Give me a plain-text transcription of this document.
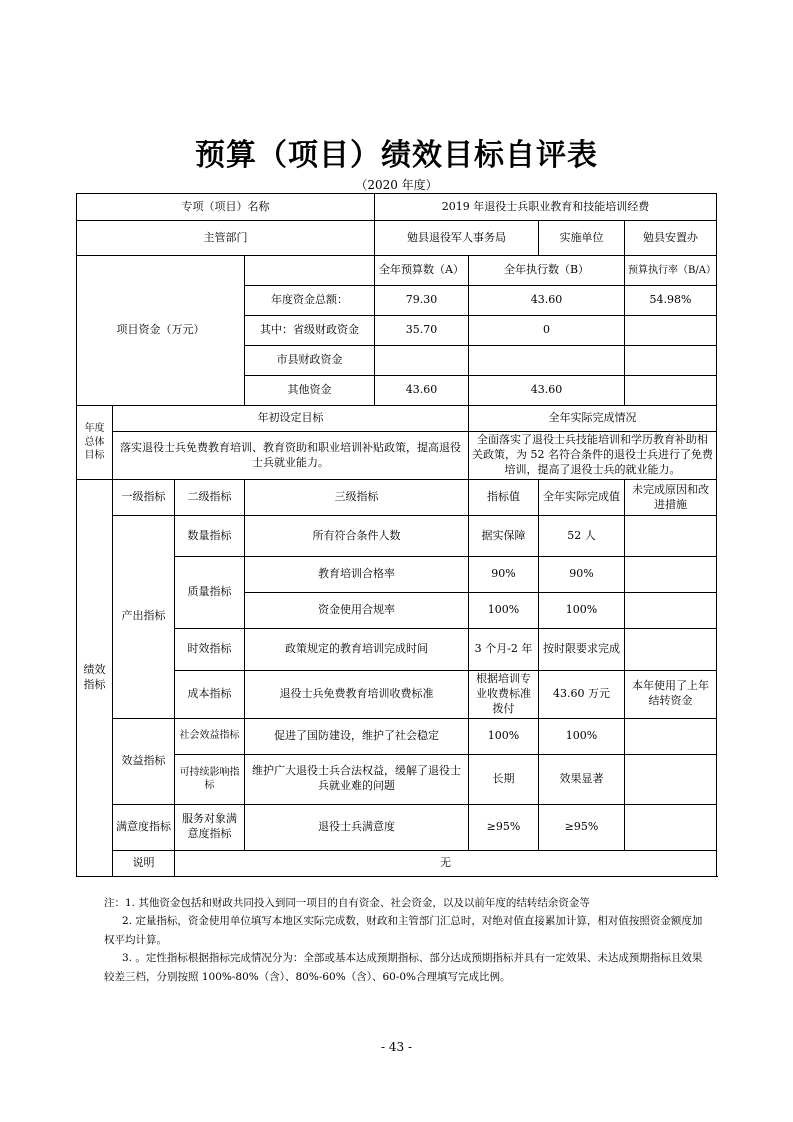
预算（项目）绩效目标自评表
（2020 年度）
专项（项目）名称				2019 年退役士兵职业教育和技能培训经费			
主管部门				勉县退役军人事务局		实施单位	勉县安置办
项目资金（万元）				全年预算数（A）	全年执行数（B）		预算执行率（B/A）
			年度资金总额：	79.30	43.60		54.98%
			其中：省级财政资金	35.70	0		
			市县财政资金				
			其他资金	43.60	43.60		
年度总体目标	年初设定目标				全年实际完成情况		
	落实退役士兵免费教育培训、教育资助和职业培训补贴政策，提高退役士兵就业能力。				全面落实了退役士兵技能培训和学历教育补助相关政策，为 52 名符合条件的退役士兵进行了免费培训，提高了退役士兵的就业能力。		
绩效指标	一级指标	二级指标	三级指标		指标值	全年实际完成值	未完成原因和改进措施
	产出指标	数量指标	所有符合条件人数		据实保障	52 人	
		质量指标	教育培训合格率		90%	90%	
			资金使用合规率		100%	100%	
		时效指标	政策规定的教育培训完成时间		3 个月-2 年	按时限要求完成	
		成本指标	退役士兵免费教育培训收费标准		根据培训专业收费标准拨付	43.60 万元	本年使用了上年结转资金

	效益指标	社会效益指标	促进了国防建设，维护了社会稳定		100%	100%	
		可持续影响指标	维护广大退役士兵合法权益，缓解了退役士兵就业难的问题		长期	效果显著	
	满意度指标	服务对象满意度指标	退役士兵满意度		≥95%	≥95%	
	说明	无					

注：1. 其他资金包括和财政共同投入到同一项目的自有资金、社会资金，以及以前年度的结转结余资金等

2. 定量指标，资金使用单位填写本地区实际完成数，财政和主管部门汇总时，对绝对值直接累加计算，相对值按照资金额度加权平均计算。

3. 。定性指标根据指标完成情况分为：全部或基本达成预期指标、部分达成预期指标并具有一定效果、未达成预期指标且效果较差三档，分别按照 100%-80%（含）、80%-60%（含）、60-0%合理填写完成比例。

- 43 -
